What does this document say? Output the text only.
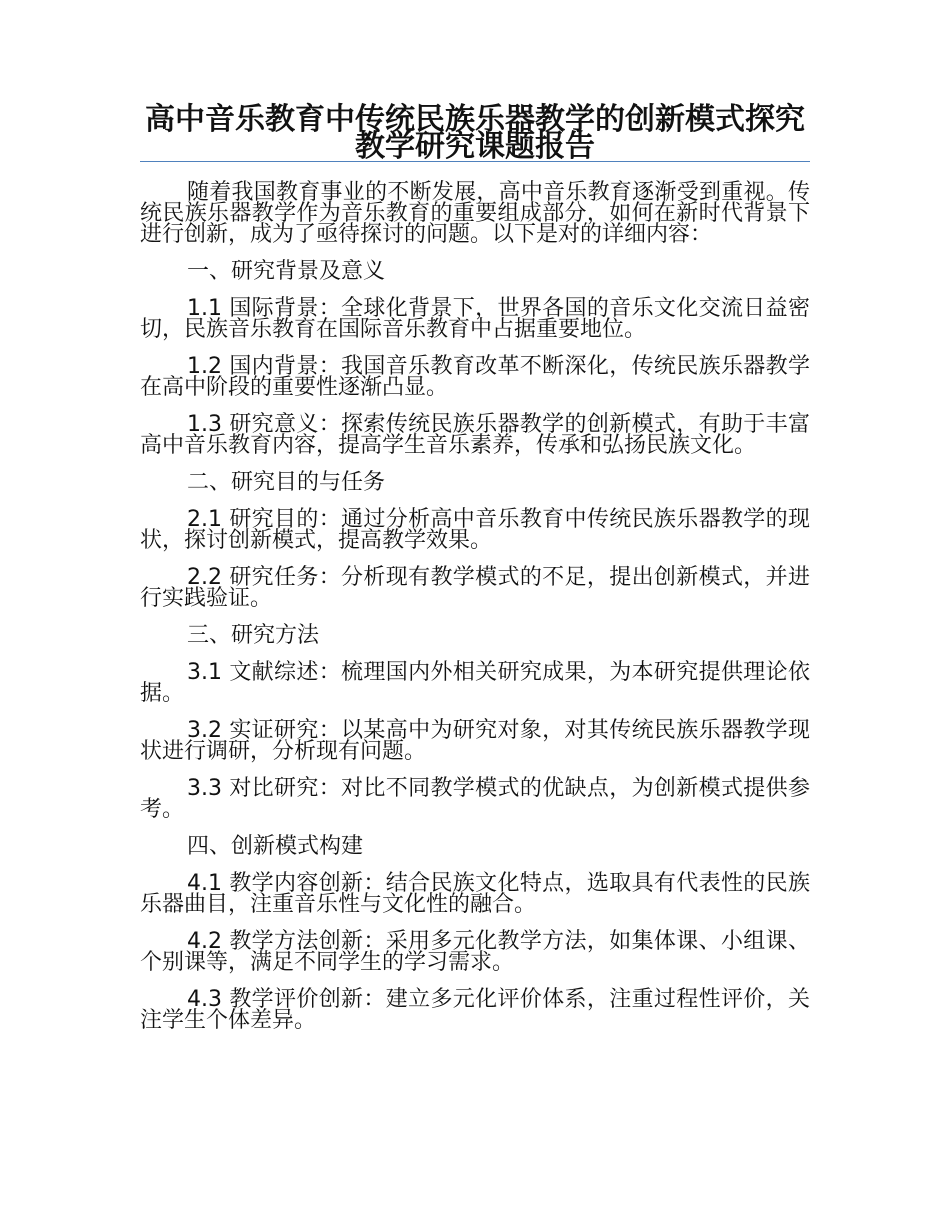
高中音乐教育中传统民族乐器教学的创新模式探究教学研究课题报告

随着我国教育事业的不断发展，高中音乐教育逐渐受到重视。传统民族乐器教学作为音乐教育的重要组成部分，如何在新时代背景下进行创新，成为了亟待探讨的问题。以下是对的详细内容：

一、研究背景及意义

1.1 国际背景：全球化背景下，世界各国的音乐文化交流日益密切，民族音乐教育在国际音乐教育中占据重要地位。

1.2 国内背景：我国音乐教育改革不断深化，传统民族乐器教学在高中阶段的重要性逐渐凸显。

1.3 研究意义：探索传统民族乐器教学的创新模式，有助于丰富高中音乐教育内容，提高学生音乐素养，传承和弘扬民族文化。

二、研究目的与任务

2.1 研究目的：通过分析高中音乐教育中传统民族乐器教学的现状，探讨创新模式，提高教学效果。

2.2 研究任务：分析现有教学模式的不足，提出创新模式，并进行实践验证。

三、研究方法

3.1 文献综述：梳理国内外相关研究成果，为本研究提供理论依据。

3.2 实证研究：以某高中为研究对象，对其传统民族乐器教学现状进行调研，分析现有问题。

3.3 对比研究：对比不同教学模式的优缺点，为创新模式提供参考。

四、创新模式构建

4.1 教学内容创新：结合民族文化特点，选取具有代表性的民族乐器曲目，注重音乐性与文化性的融合。

4.2 教学方法创新：采用多元化教学方法，如集体课、小组课、个别课等，满足不同学生的学习需求。

4.3 教学评价创新：建立多元化评价体系，注重过程性评价，关注学生个体差异。
